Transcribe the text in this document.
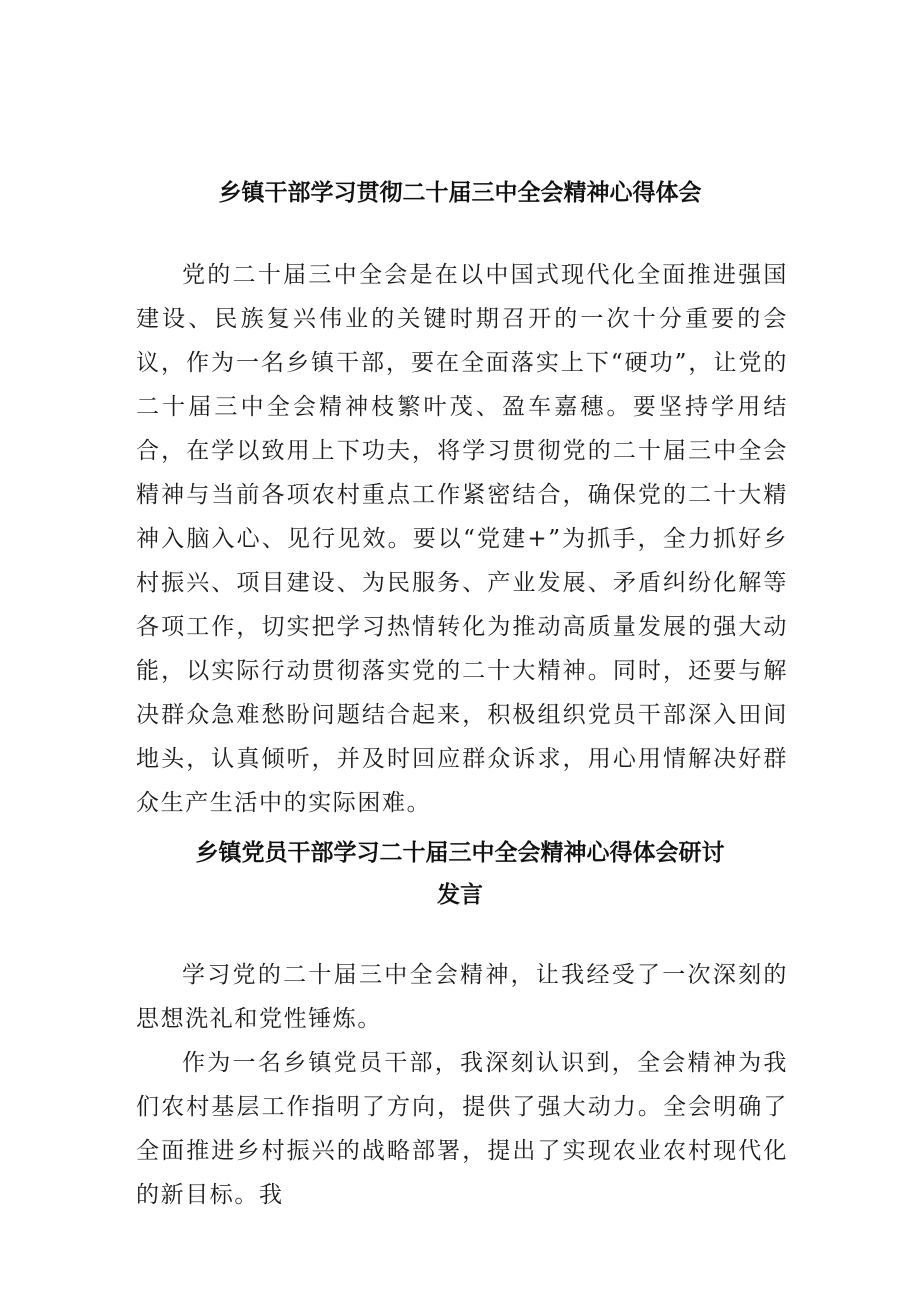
乡镇干部学习贯彻二十届三中全会精神心得体会

党的二十届三中全会是在以中国式现代化全面推进强国建设、民族复兴伟业的关键时期召开的一次十分重要的会议，作为一名乡镇干部，要在全面落实上下“硬功”，让党的二十届三中全会精神枝繁叶茂、盈车嘉穗。要坚持学用结合，在学以致用上下功夫，将学习贯彻党的二十届三中全会精神与当前各项农村重点工作紧密结合，确保党的二十大精神入脑入心、见行见效。要以“党建+”为抓手，全力抓好乡村振兴、项目建设、为民服务、产业发展、矛盾纠纷化解等各项工作，切实把学习热情转化为推动高质量发展的强大动能，以实际行动贯彻落实党的二十大精神。同时，还要与解决群众急难愁盼问题结合起来，积极组织党员干部深入田间地头，认真倾听，并及时回应群众诉求，用心用情解决好群众生产生活中的实际困难。

乡镇党员干部学习二十届三中全会精神心得体会研讨
发言

学习党的二十届三中全会精神，让我经受了一次深刻的思想洗礼和党性锤炼。

作为一名乡镇党员干部，我深刻认识到，全会精神为我们农村基层工作指明了方向，提供了强大动力。全会明确了全面推进乡村振兴的战略部署，提出了实现农业农村现代化的新目标。我
